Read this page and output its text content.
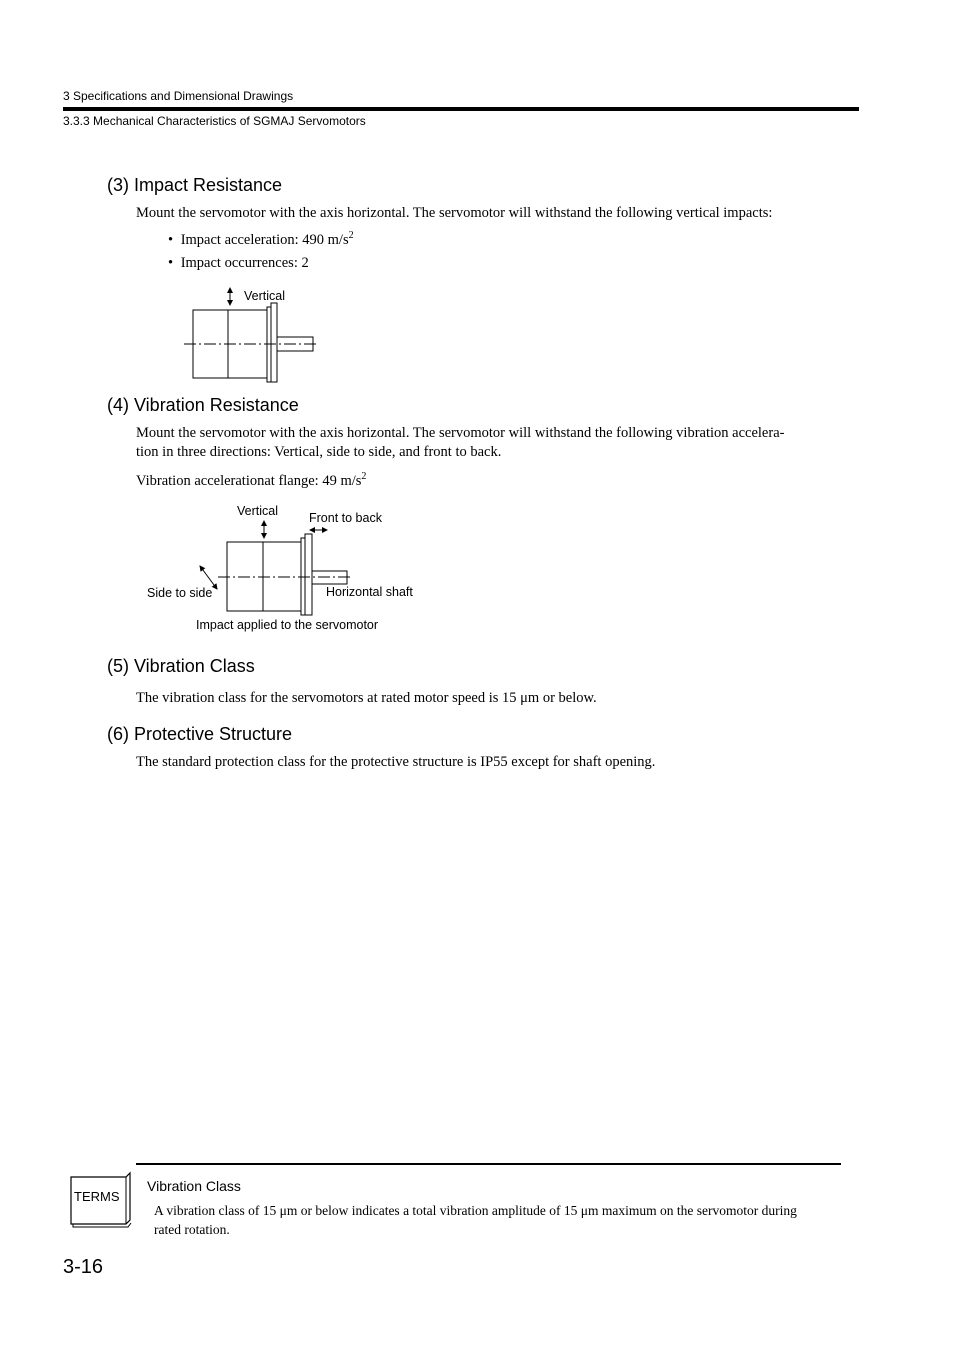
3 Specifications and Dimensional Drawings
3.3.3 Mechanical Characteristics of SGMAJ Servomotors
(3) Impact Resistance
Mount the servomotor with the axis horizontal. The servomotor will withstand the following vertical impacts:
• Impact acceleration: 490 $m/s^2$
• Impact occurrences: 2
Vertical
(4) Vibration Resistance
Mount the servomotor with the axis horizontal. The servomotor will withstand the following vibration accelera-
tion in three directions: Vertical, side to side, and front to back.
Vibration accelerationat flange: 49 $m/s^2$
Vertical Front to back
Side to side	Horizontal shaft
Impact applied to the servomotor
(5) Vibration Class
The vibration class for the servomotors at rated motor speed is 15 μm or below.
(6) Protective Structure
The standard protection class for the protective structure is IP55 except for shaft opening.
TERMS
Vibration Class
A vibration class of 15 μm or below indicates a total vibration amplitude of 15 μm maximum on the servomotor during
rated rotation.
3-16
